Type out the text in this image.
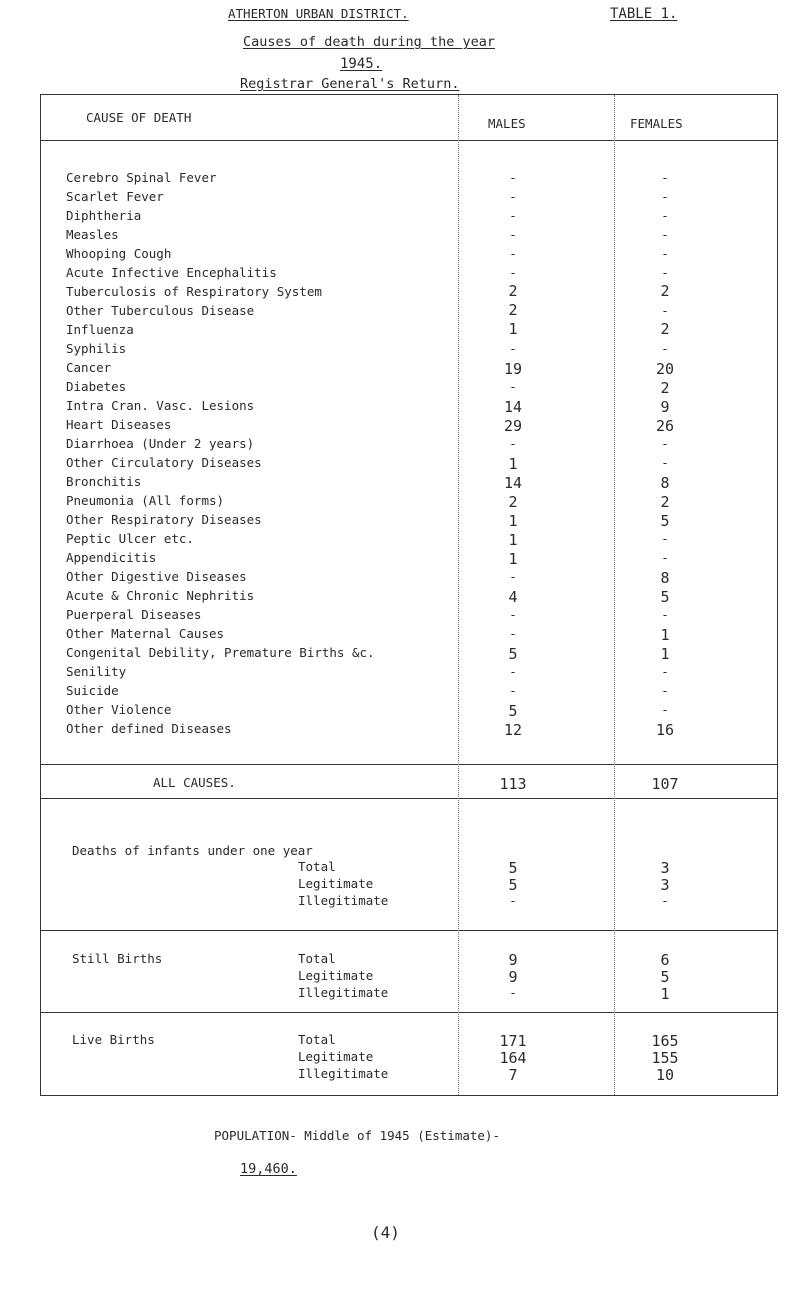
ATHERTON URBAN DISTRICT.	TABLE 1.
Causes of death during the year
1945.
Registrar General's Return.
CAUSE OF DEATH	MALES	FEMALES
Cerebro Spinal Fever	-	-
Scarlet Fever	-	-
Diphtheria	-	-
Measles	-	-
Whooping Cough	-	-
Acute Infective Encephalitis	-	-
Tuberculosis of Respiratory System	2	2
Other Tuberculous Disease	2	-
Influenza	1	2
Syphilis	-	-
Cancer	19	20
Diabetes	-	2
Intra Cran. Vasc. Lesions	14	9
Heart Diseases	29	26
Diarrhoea (Under 2 years)	-	-
Other Circulatory Diseases	1	-
Bronchitis	14	8
Pneumonia (All forms)	2	2
Other Respiratory Diseases	1	5
Peptic Ulcer etc.	1	-
Appendicitis	1	-
Other Digestive Diseases	-	8
Acute & Chronic Nephritis	4	5
Puerperal Diseases	-	-
Other Maternal Causes	-	1
Congenital Debility, Premature Births &c.	5	1
Senility	-	-
Suicide	-	-
Other Violence	5	-
Other defined Diseases	12	16
ALL CAUSES.	113	107
Deaths of infants under one year
Total	5	3
Legitimate	5	3
Illegitimate	-	-
Still Births	Total	9	6
Legitimate	9	5
Illegitimate	-	1
Live Births	Total	171	165
Legitimate	164	155
Illegitimate	7	10
POPULATION- Middle of 1945 (Estimate)-
19,460.
(4)
